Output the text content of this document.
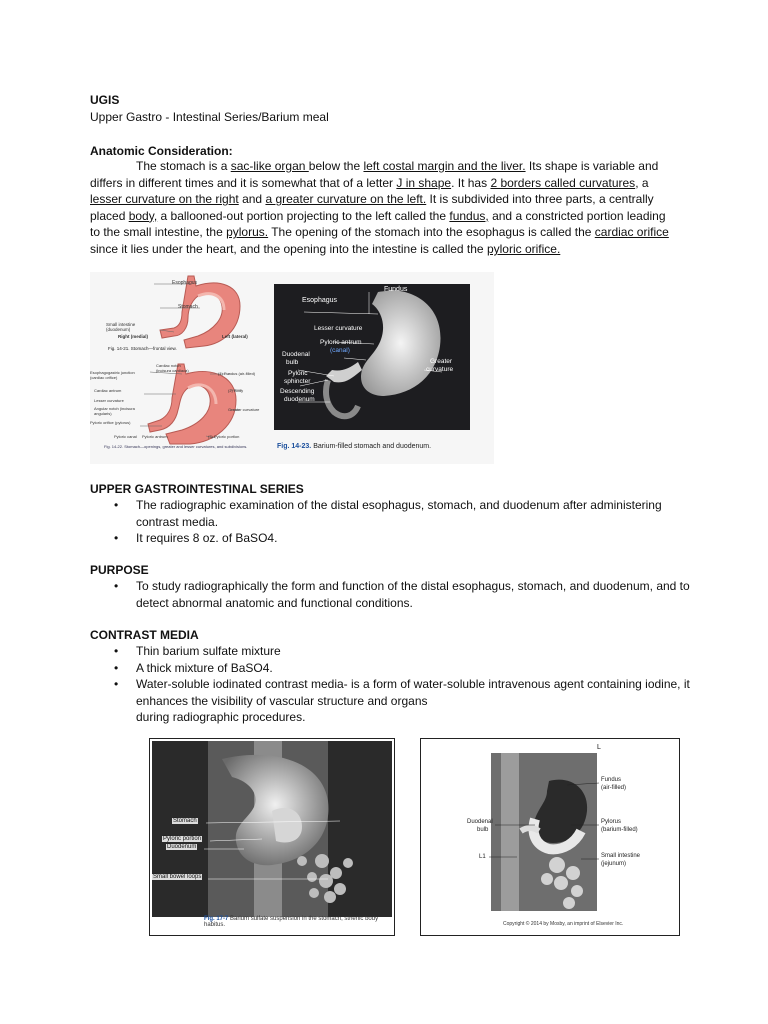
UGIS
Upper Gastro - Intestinal Series/Barium meal
Anatomic Consideration:
The stomach is a sac-like organ below the left costal margin and the liver. Its shape is variable and differs in different times and it is somewhat that of a letter J in shape. It has 2 borders called curvatures, a lesser curvature on the right and a greater curvature on the left. It is subdivided into three parts, a centrally placed body, a ballooned-out portion projecting to the left called the fundus, and a constricted portion leading to the small intestine, the pylorus. The opening of the stomach into the esophagus is called the cardiac orifice since it lies under the heart, and the opening into the intestine is called the pyloric orifice.
Esophagus
Stomach
Small intestine (duodenum)
Right (medial)	Left (lateral)
Fig. 14-21. Stomach—frontal view.
Cardiac notch (incisura cardiaca)
Esophagogastric junction (cardiac orifice)
(1) Fundus (air-filled)
Cardiac antrum	(2) Body
Lesser curvature
Greater curvature
Angular notch (incisura angularis)
Pyloric orifice (pylorus)
Pyloric canal Pyloric antrum	(3) Pyloric portion
Fig. 14-22. Stomach—openings, greater and lesser curvatures, and subdivisions.
Fundus
Esophagus
Lesser curvature
Pyloric antrum
(canal)
Duodenal
bulb
Pyloric
sphincter
Descending
duodenum
Greater
curvature
Fig. 14-23. Barium-filled stomach and duodenum.
UPPER GASTROINTESTINAL SERIES
• The radiographic examination of the distal esophagus, stomach, and duodenum after administering contrast media.
• It requires 8 oz. of BaSO4.
PURPOSE
• To study radiographically the form and function of the distal esophagus, stomach, and duodenum, and to detect abnormal anatomic and functional conditions.
CONTRAST MEDIA
• Thin barium sulfate mixture
• A thick mixture of BaSO4.
• Water-soluble iodinated contrast media- is a form of water-soluble intravenous agent containing iodine, it enhances the visibility of vascular structure and organs
during radiographic procedures.
Stomach
Pyloric portion
Duodenum
Small bowel loops
Fig. 17-7 Barium sulfate suspension in the stomach, sthenic body habitus.
L
Fundus
(air-filled)
Duodenal
bulb
Pylorus
(barium-filled)
L1	Small intestine
(jejunum)
Copyright © 2014 by Mosby, an imprint of Elsevier Inc.
